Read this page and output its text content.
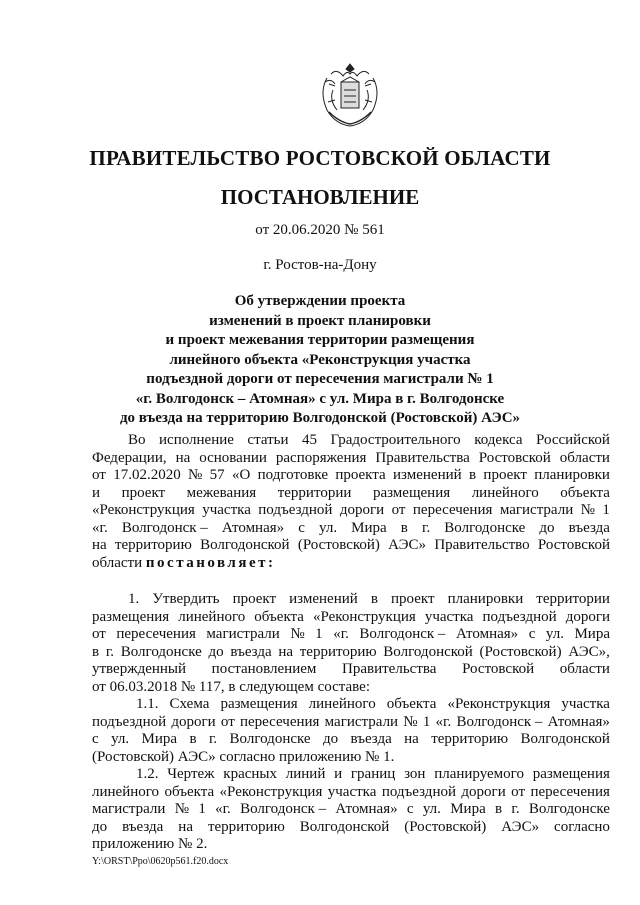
ПРАВИТЕЛЬСТВО РОСТОВСКОЙ ОБЛАСТИ
ПОСТАНОВЛЕНИЕ
от 20.06.2020 № 561
г. Ростов-на-Дону
Об утверждении проекта
изменений в проект планировки
и проект межевания территории размещения
линейного объекта «Реконструкция участка
подъездной дороги от пересечения магистрали № 1
«г. Волгодонск – Атомная» с ул. Мира в г. Волгодонске
до въезда на территорию Волгодонской (Ростовской) АЭС»
Во исполнение статьи 45 Градостроительного кодекса Российской
Федерации, на основании распоряжения Правительства Ростовской области
от 17.02.2020 № 57 «О подготовке проекта изменений в проект планировки
и проект межевания территории размещения линейного объекта
«Реконструкция участка подъездной дороги от пересечения магистрали № 1
«г. Волгодонск – Атомная» с ул. Мира в г. Волгодонске до въезда
на территорию Волгодонской (Ростовской) АЭС» Правительство Ростовской
области
постановляет:
1. Утвердить проект изменений в проект планировки территории
размещения линейного объекта «Реконструкция участка подъездной дороги
от пересечения магистрали № 1 «г. Волгодонск – Атомная» с ул. Мира
в г. Волгодонске до въезда на территорию Волгодонской (Ростовской) АЭС»,
утвержденный постановлением Правительства Ростовской области
от 06.03.2018 № 117, в следующем составе:
1.1. Схема размещения линейного объекта «Реконструкция участка
подъездной дороги от пересечения магистрали № 1 «г. Волгодонск – Атомная»
с ул. Мира в г. Волгодонске до въезда на территорию Волгодонской
(Ростовской) АЭС» согласно приложению № 1.
1.2. Чертеж красных линий и границ зон планируемого размещения
линейного объекта «Реконструкция участка подъездной дороги от пересечения
магистрали № 1 «г. Волгодонск – Атомная» с ул. Мира в г. Волгодонске
до въезда на территорию Волгодонской (Ростовской) АЭС» согласно
приложению № 2.
Y:\ORST\Ppo\0620p561.f20.docx
